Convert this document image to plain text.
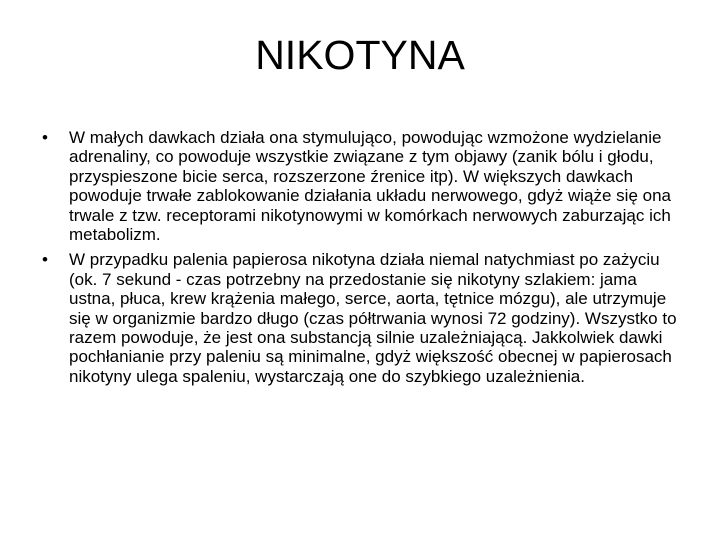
NIKOTYNA
•	W małych dawkach działa ona stymulująco, powodując wzmożone wydzielanie adrenaliny, co powoduje wszystkie związane z tym objawy (zanik bólu i głodu, przyspieszone bicie serca, rozszerzone źrenice itp). W większych dawkach powoduje trwałe zablokowanie działania układu nerwowego, gdyż wiąże się ona trwale z tzw. receptorami nikotynowymi w komórkach nerwowych zaburzając ich metabolizm.
•	W przypadku palenia papierosa nikotyna działa niemal natychmiast po zażyciu (ok. 7 sekund - czas potrzebny na przedostanie się nikotyny szlakiem: jama ustna, płuca, krew krążenia małego, serce, aorta, tętnice mózgu), ale utrzymuje się w organizmie bardzo długo (czas półtrwania wynosi 72 godziny). Wszystko to razem powoduje, że jest ona substancją silnie uzależniającą. Jakkolwiek dawki pochłanianie przy paleniu są minimalne, gdyż większość obecnej w papierosach nikotyny ulega spaleniu, wystarczają one do szybkiego uzależnienia.
